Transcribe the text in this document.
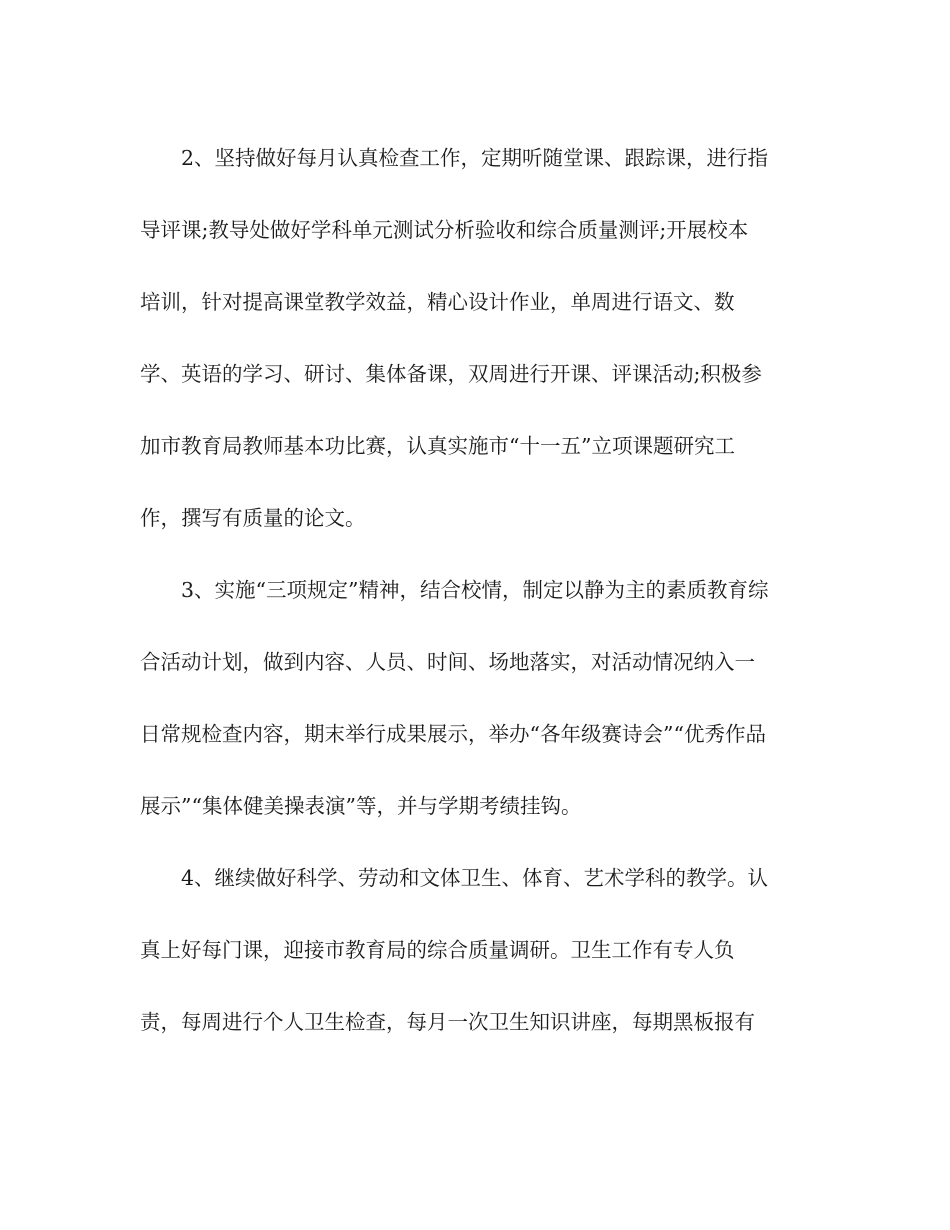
2、坚持做好每月认真检查工作，定期听随堂课、跟踪课，进行指
导评课;教导处做好学科单元测试分析验收和综合质量测评;开展校本
培训，针对提高课堂教学效益，精心设计作业，单周进行语文、数
学、英语的学习、研讨、集体备课，双周进行开课、评课活动;积极参
加市教育局教师基本功比赛，认真实施市“十一五”立项课题研究工
作，撰写有质量的论文。
3、实施“三项规定”精神，结合校情，制定以静为主的素质教育综
合活动计划，做到内容、人员、时间、场地落实，对活动情况纳入一
日常规检查内容，期末举行成果展示，举办“各年级赛诗会”“优秀作品
展示”“集体健美操表演”等，并与学期考绩挂钩。
4、继续做好科学、劳动和文体卫生、体育、艺术学科的教学。认
真上好每门课，迎接市教育局的综合质量调研。卫生工作有专人负
责，每周进行个人卫生检查，每月一次卫生知识讲座，每期黑板报有
